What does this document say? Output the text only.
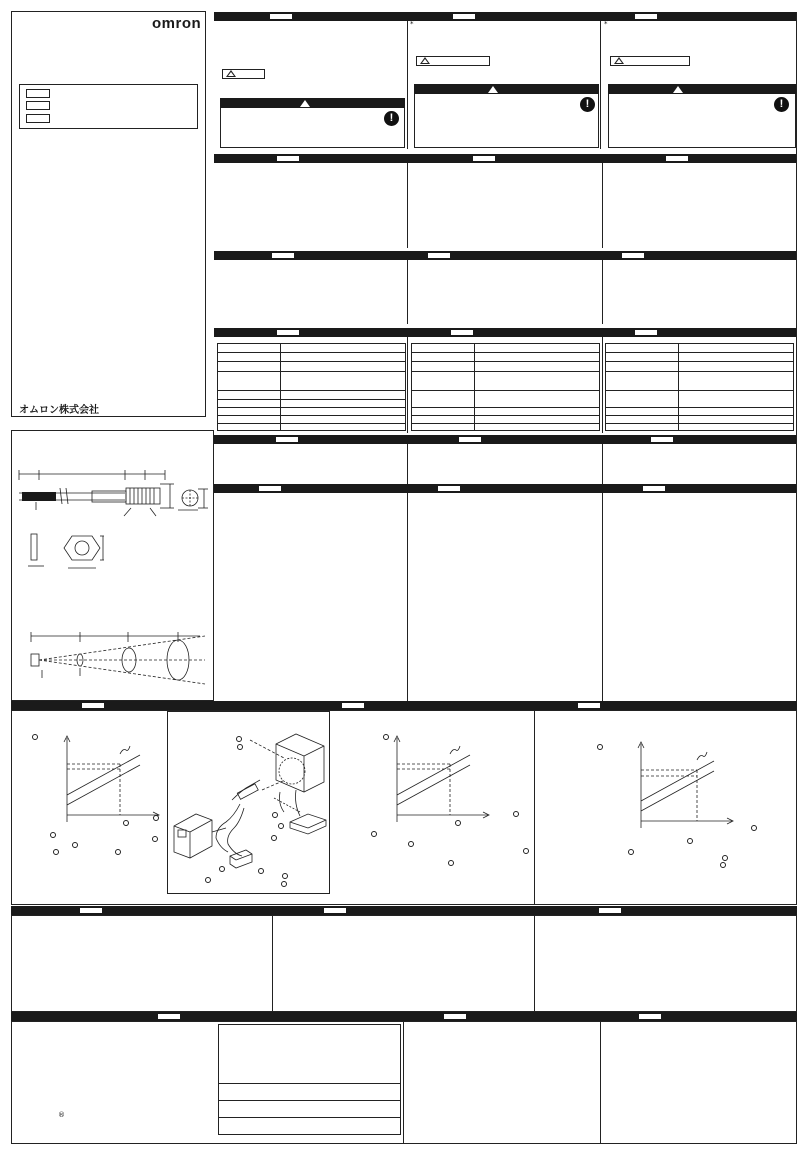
omron
オムロン株式会社
*	*
!
!	!
®
